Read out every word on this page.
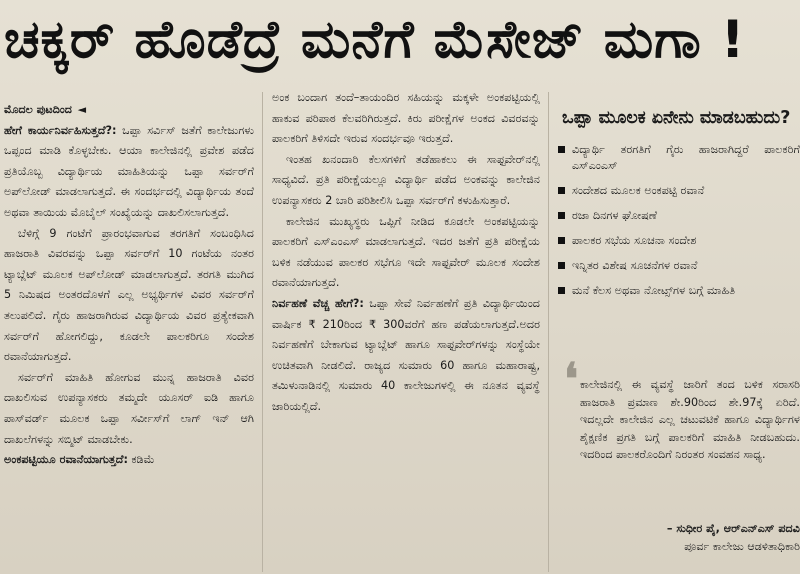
ಚಕ್ಕರ್ ಹೊಡೆದ್ರೆ ಮನೆಗೆ ಮೆಸೇಜ್ ಮಗಾ !

ಮೊದಲ ಪುಟದಿಂದ ◄

ಹೇಗೆ ಕಾರ್ಯನಿರ್ವಹಿಸುತ್ತದೆ?: ಒಪ್ಪಾ ಸರ್ವಿಸ್ ಜತೆಗೆ ಕಾಲೇಜುಗಳು ಒಪ್ಪಂದ ಮಾಡಿ ಕೊಳ್ಳಬೇಕು. ಆಯಾ ಕಾಲೇಜಿನಲ್ಲಿ ಪ್ರವೇಶ ಪಡೆದ ಪ್ರತಿಯೊಬ್ಬ ವಿದ್ಯಾರ್ಥಿಯ ಮಾಹಿತಿಯನ್ನು ಒಪ್ಪಾ ಸರ್ವರ್‌ಗೆ ಅಪ್‌ಲೋಡ್ ಮಾಡಲಾಗುತ್ತದೆ. ಈ ಸಂದರ್ಭದಲ್ಲಿ ವಿದ್ಯಾರ್ಥಿಯ ತಂದೆ ಅಥವಾ ತಾಯಿಯ ಮೊಬೈಲ್ ಸಂಖ್ಯೆಯನ್ನು ದಾಖಲಿಸಲಾಗುತ್ತದೆ.

ಬೆಳಿಗ್ಗೆ 9 ಗಂಟೆಗೆ ಪ್ರಾರಂಭವಾಗುವ ತರಗತಿಗೆ ಸಂಬಂಧಿಸಿದ ಹಾಜರಾತಿ ವಿವರವನ್ನು ಒಪ್ಪಾ ಸರ್ವರ್‌ಗೆ 10 ಗಂಟೆಯ ನಂತರ ಟ್ಯಾಬ್ಲೆಟ್ ಮೂಲಕ ಅಪ್‌ಲೋಡ್ ಮಾಡಲಾಗುತ್ತದೆ. ತರಗತಿ ಮುಗಿದ 5 ನಿಮಿಷದ ಅಂತರದೊಳಗೆ ಎಲ್ಲ ಅಭ್ಯರ್ಥಿಗಳ ವಿವರ ಸರ್ವರ್‌ಗೆ ತಲುಪಲಿದೆ. ಗೈರು ಹಾಜರಾಗಿರುವ ವಿದ್ಯಾರ್ಥಿಯ ವಿವರ ಪ್ರತ್ಯೇಕವಾಗಿ ಸರ್ವರ್‌ಗೆ ಹೋಗಲಿದ್ದು, ಕೂಡಲೇ ಪಾಲಕರಿಗೂ ಸಂದೇಶ ರವಾನೆಯಾಗುತ್ತದೆ.

ಸರ್ವರ್‌ಗೆ ಮಾಹಿತಿ ಹೋಗುವ ಮುನ್ನ ಹಾಜರಾತಿ ವಿವರ ದಾಖಲಿಸುವ ಉಪನ್ಯಾಸಕರು ತಮ್ಮದೇ ಯೂಸರ್ ಐಡಿ ಹಾಗೂ ಪಾಸ್‌ವರ್ಡ್ ಮೂಲಕ ಒಪ್ಪಾ ಸರ್ವೀಸ್‌ಗೆ ಲಾಗ್ ಇನ್ ಆಗಿ ದಾಖಲೆಗಳನ್ನು ಸಬ್ಮಿಟ್ ಮಾಡಬೇಕು.

ಅಂಕಪಟ್ಟಿಯೂ ರವಾನೆಯಾಗುತ್ತದೆ: ಕಡಿಮೆ

ಅಂಕ ಬಂದಾಗ ತಂದೆ–ತಾಯಂದಿರ ಸಹಿಯನ್ನು ಮಕ್ಕಳೇ ಅಂಕಪಟ್ಟಿಯಲ್ಲಿ ಹಾಕುವ ಪರಿಪಾಠ ಕೆಲವರಿಗಿರುತ್ತದೆ. ಕಿರು ಪರೀಕ್ಷೆಗಳ ಅಂಕದ ವಿವರವನ್ನು ಪಾಲಕರಿಗೆ ತಿಳಿಸದೇ ಇರುವ ಸಂದರ್ಭವೂ ಇರುತ್ತದೆ.

ಇಂತಹ ಖನಂದಾರಿ ಕೆಲಸಗಳಿಗೆ ತಡೆಹಾಕಲು ಈ ಸಾಫ್ಟವೇರ್‌ನಲ್ಲಿ ಸಾಧ್ಯವಿದೆ. ಪ್ರತಿ ಪರೀಕ್ಷೆಯಲ್ಲೂ ವಿದ್ಯಾರ್ಥಿ ಪಡೆದ ಅಂಕವನ್ನು ಕಾಲೇಜಿನ ಉಪನ್ಯಾಸಕರು 2 ಬಾರಿ ಪರಿಶೀಲಿಸಿ ಒಪ್ಪಾ ಸರ್ವರ್‌ಗೆ ಕಳುಹಿಸುತ್ತಾರೆ.

ಕಾಲೇಜಿನ ಮುಖ್ಯಸ್ಥರು ಒಪ್ಪಿಗೆ ನೀಡಿದ ಕೂಡಲೇ ಅಂಕಪಟ್ಟಿಯನ್ನು ಪಾಲಕರಿಗೆ ಎಸ್‌ಎಂಎಸ್ ಮಾಡಲಾಗುತ್ತದೆ. ಇದರ ಜತೆಗೆ ಪ್ರತಿ ಪರೀಕ್ಷೆಯ ಬಳಿಕ ನಡೆಯುವ ಪಾಲಕರ ಸಭೆಗೂ ಇದೇ ಸಾಫ್ಟವೇರ್ ಮೂಲಕ ಸಂದೇಶ ರವಾನೆಯಾಗುತ್ತದೆ.

ನಿರ್ವಹಣೆ ವೆಚ್ಚ ಹೇಗೆ?: ಒಪ್ಪಾ ಸೇವೆ ನಿರ್ವಹಣೆಗೆ ಪ್ರತಿ ವಿದ್ಯಾರ್ಥಿಯಿಂದ ವಾರ್ಷಿಕ ₹ 210ರಿಂದ ₹ 300ವರೆಗೆ ಹಣ ಪಡೆಯಲಾಗುತ್ತದೆ.ಅದರ ನಿರ್ವಹಣೆಗೆ ಬೇಕಾಗುವ ಟ್ಯಾಬ್ಲೆಟ್ ಹಾಗೂ ಸಾಫ್ಟವೇರ್‌ಗಳನ್ನು ಸಂಸ್ಥೆಯೇ ಉಚಿತವಾಗಿ ನೀಡಲಿದೆ. ರಾಜ್ಯದ ಸುಮಾರು 60 ಹಾಗೂ ಮಹಾರಾಷ್ಟ್ರ, ತಮಿಳುನಾಡಿನಲ್ಲಿ ಸುಮಾರು 40 ಕಾಲೇಜುಗಳಲ್ಲಿ ಈ ನೂತನ ವ್ಯವಸ್ಥೆ ಜಾರಿಯಲ್ಲಿದೆ.

ಒಪ್ಪಾ ಮೂಲಕ ಏನೇನು ಮಾಡಬಹುದು?
ವಿದ್ಯಾರ್ಥಿ ತರಗತಿಗೆ ಗೈರು ಹಾಜರಾಗಿದ್ದರೆ ಪಾಲಕರಿಗೆ ಎಸ್‌ಎಂಎಸ್
ಸಂದೇಶದ ಮೂಲಕ ಅಂಕಪಟ್ಟಿ ರವಾನೆ
ರಜಾ ದಿನಗಳ ಘೋಷಣೆ
ಪಾಲಕರ ಸಭೆಯ ಸೂಚನಾ ಸಂದೇಶ
ಇನ್ನಿತರ ವಿಶೇಷ ಸೂಚನೆಗಳ ರವಾನೆ
ಮನೆ ಕೆಲಸ ಅಥವಾ ನೋಟ್ಸ್‌ಗಳ ಬಗ್ಗೆ ಮಾಹಿತಿ
❛ ಕಾಲೇಜಿನಲ್ಲಿ ಈ ವ್ಯವಸ್ಥೆ ಜಾರಿಗೆ ತಂದ ಬಳಿಕ ಸರಾಸರಿ ಹಾಜರಾತಿ ಪ್ರಮಾಣ ಶೇ.90ರಿಂದ ಶೇ.97ಕ್ಕೆ ಏರಿದೆ. ಇದಲ್ಲದೇ ಕಾಲೇಜಿನ ಎಲ್ಲ ಚಟುವಟಿಕೆ ಹಾಗೂ ವಿದ್ಯಾರ್ಥಿಗಳ ಶೈಕ್ಷಣಿಕ ಪ್ರಗತಿ ಬಗ್ಗೆ ಪಾಲಕರಿಗೆ ಮಾಹಿತಿ ನೀಡಬಹುದು. ಇದರಿಂದ ಪಾಲಕರೊಂದಿಗೆ ನಿರಂತರ ಸಂವಹನ ಸಾಧ್ಯ.
– ಸುಧೀರ ಪೈ, ಆರ್‌ಎನ್‌ಎಸ್ ಪದವಿ
ಪೂರ್ವ ಕಾಲೇಜು ಆಡಳಿತಾಧಿಕಾರಿ
